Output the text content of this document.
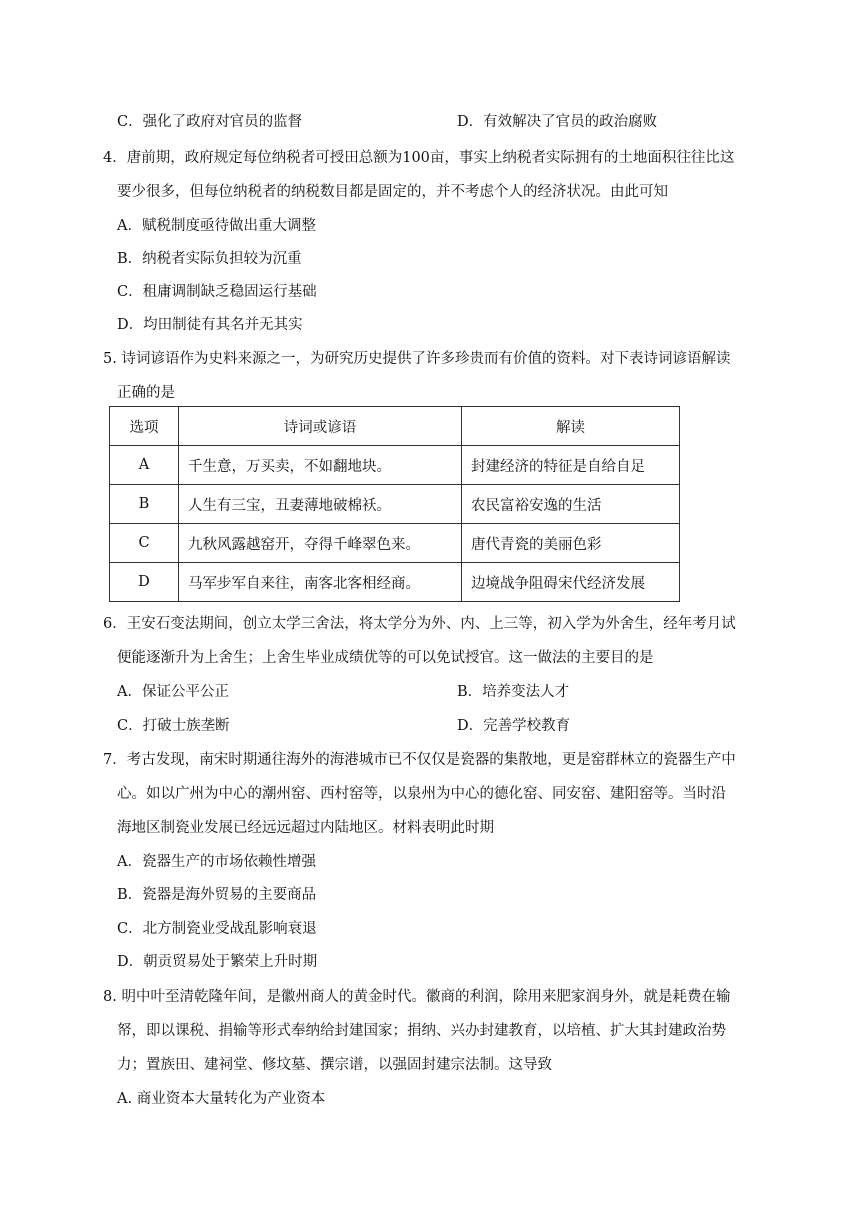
C．强化了政府对官员的监督	D．有效解决了官员的政治腐败
4．唐前期，政府规定每位纳税者可授田总额为100亩，事实上纳税者实际拥有的土地面积往往比这
要少很多，但每位纳税者的纳税数目都是固定的，并不考虑个人的经济状况。由此可知
A．赋税制度亟待做出重大调整
B．纳税者实际负担较为沉重
C．租庸调制缺乏稳固运行基础
D．均田制徒有其名并无其实
5. 诗词谚语作为史料来源之一，为研究历史提供了许多珍贵而有价值的资料。对下表诗词谚语解读
正确的是
选项	诗词或谚语	解读
A	千生意，万买卖，不如翻地块。	封建经济的特征是自给自足
B	人生有三宝，丑妻薄地破棉袄。	农民富裕安逸的生活
C	九秋风露越窑开，夺得千峰翠色来。	唐代青瓷的美丽色彩
D	马军步军自来往，南客北客相经商。	边境战争阻碍宋代经济发展
6．王安石变法期间，创立太学三舍法，将太学分为外、内、上三等，初入学为外舍生，经年考月试
便能逐渐升为上舍生；上舍生毕业成绩优等的可以免试授官。这一做法的主要目的是
A．保证公平公正	B．培养变法人才
C．打破士族垄断	D．完善学校教育
7．考古发现，南宋时期通往海外的海港城市已不仅仅是瓷器的集散地，更是窑群林立的瓷器生产中
心。如以广州为中心的潮州窑、西村窑等，以泉州为中心的德化窑、同安窑、建阳窑等。当时沿
海地区制瓷业发展已经远远超过内陆地区。材料表明此时期
A．瓷器生产的市场依赖性增强
B．瓷器是海外贸易的主要商品
C．北方制瓷业受战乱影响衰退
D．朝贡贸易处于繁荣上升时期
8. 明中叶至清乾隆年间，是徽州商人的黄金时代。徽商的利润，除用来肥家润身外，就是耗费在输
帑，即以课税、捐输等形式奉纳给封建国家；捐纳、兴办封建教育，以培植、扩大其封建政治势
力；置族田、建祠堂、修坟墓、撰宗谱，以强固封建宗法制。这导致
A. 商业资本大量转化为产业资本
